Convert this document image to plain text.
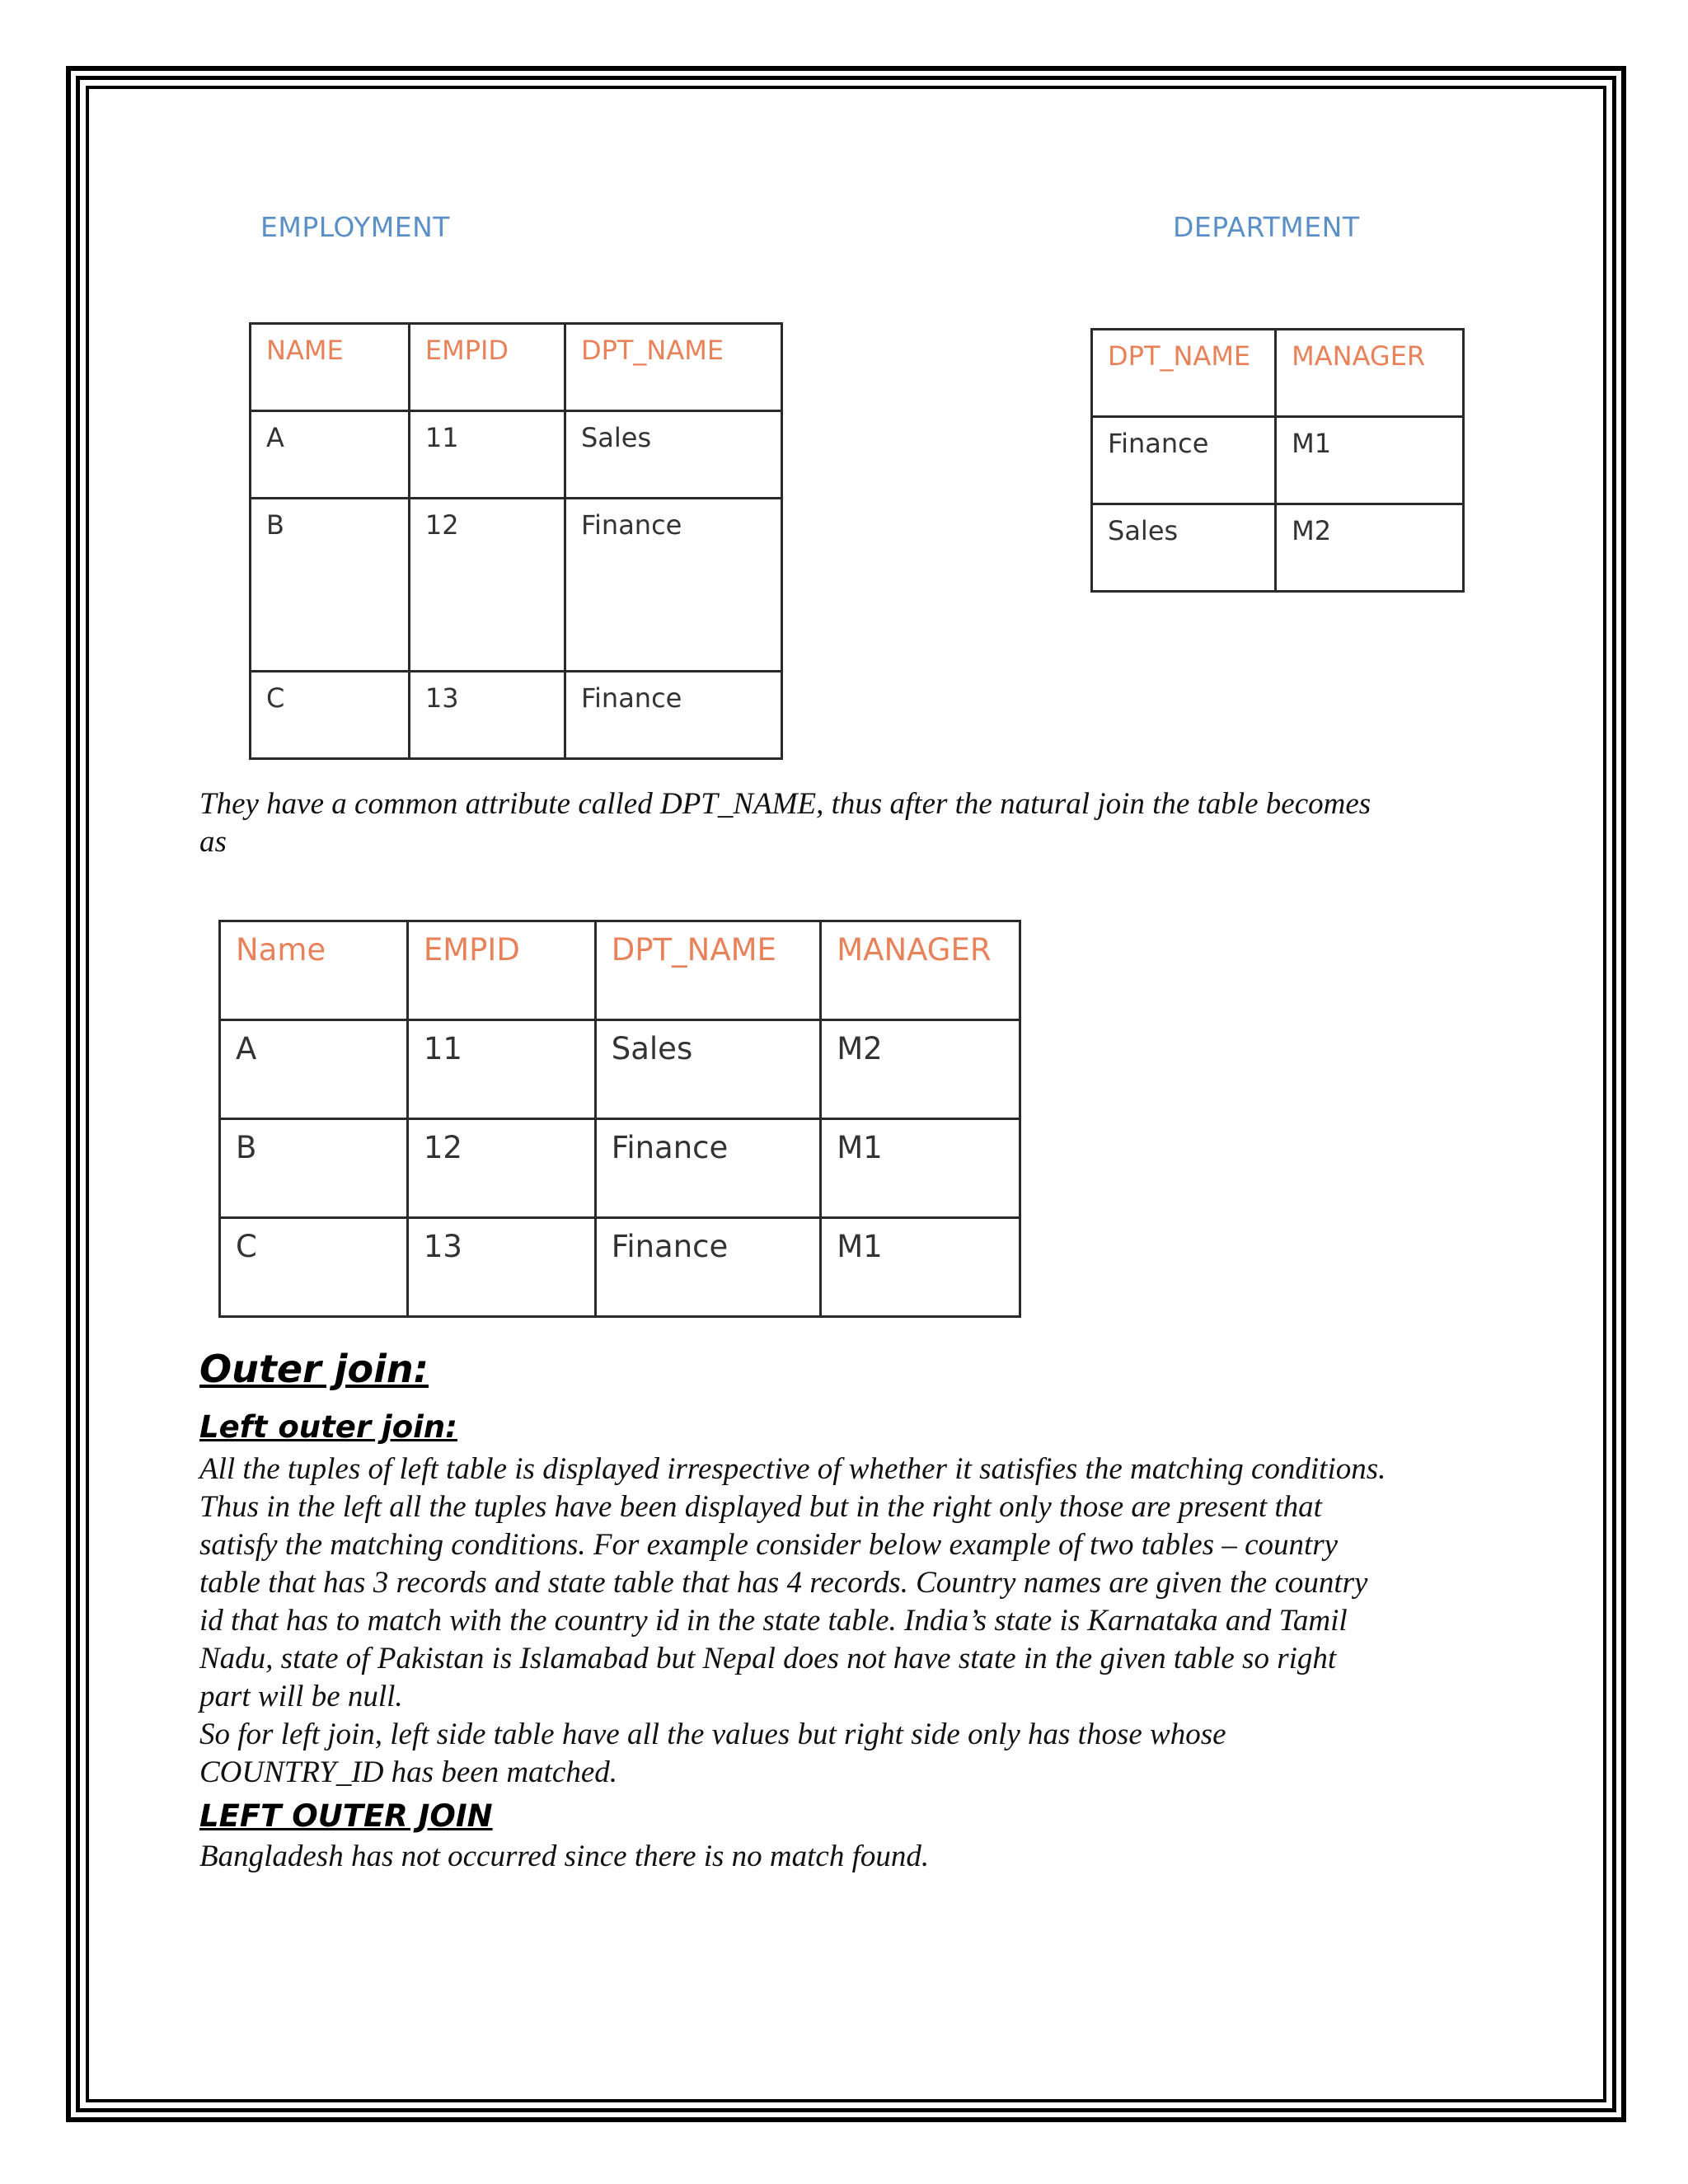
EMPLOYMENT	DEPARTMENT
NAME	EMPID	DPT_NAME
A	11	Sales
B	12	Finance
C	13	Finance
DPT_NAME	MANAGER
Finance	M1
Sales	M2
They have a common attribute called DPT_NAME, thus after the natural join the table becomes
as
Name	EMPID	DPT_NAME	MANAGER
A	11	Sales	M2
B	12	Finance	M1
C	13	Finance	M1
Outer join:
Left outer join:
All the tuples of left table is displayed irrespective of whether it satisfies the matching conditions.
Thus in the left all the tuples have been displayed but in the right only those are present that
satisfy the matching conditions. For example consider below example of two tables – country
table that has 3 records and state table that has 4 records. Country names are given the country
id that has to match with the country id in the state table. India’s state is Karnataka and Tamil
Nadu, state of Pakistan is Islamabad but Nepal does not have state in the given table so right
part will be null.
So for left join, left side table have all the values but right side only has those whose
COUNTRY_ID has been matched.
LEFT OUTER JOIN
Bangladesh has not occurred since there is no match found.
